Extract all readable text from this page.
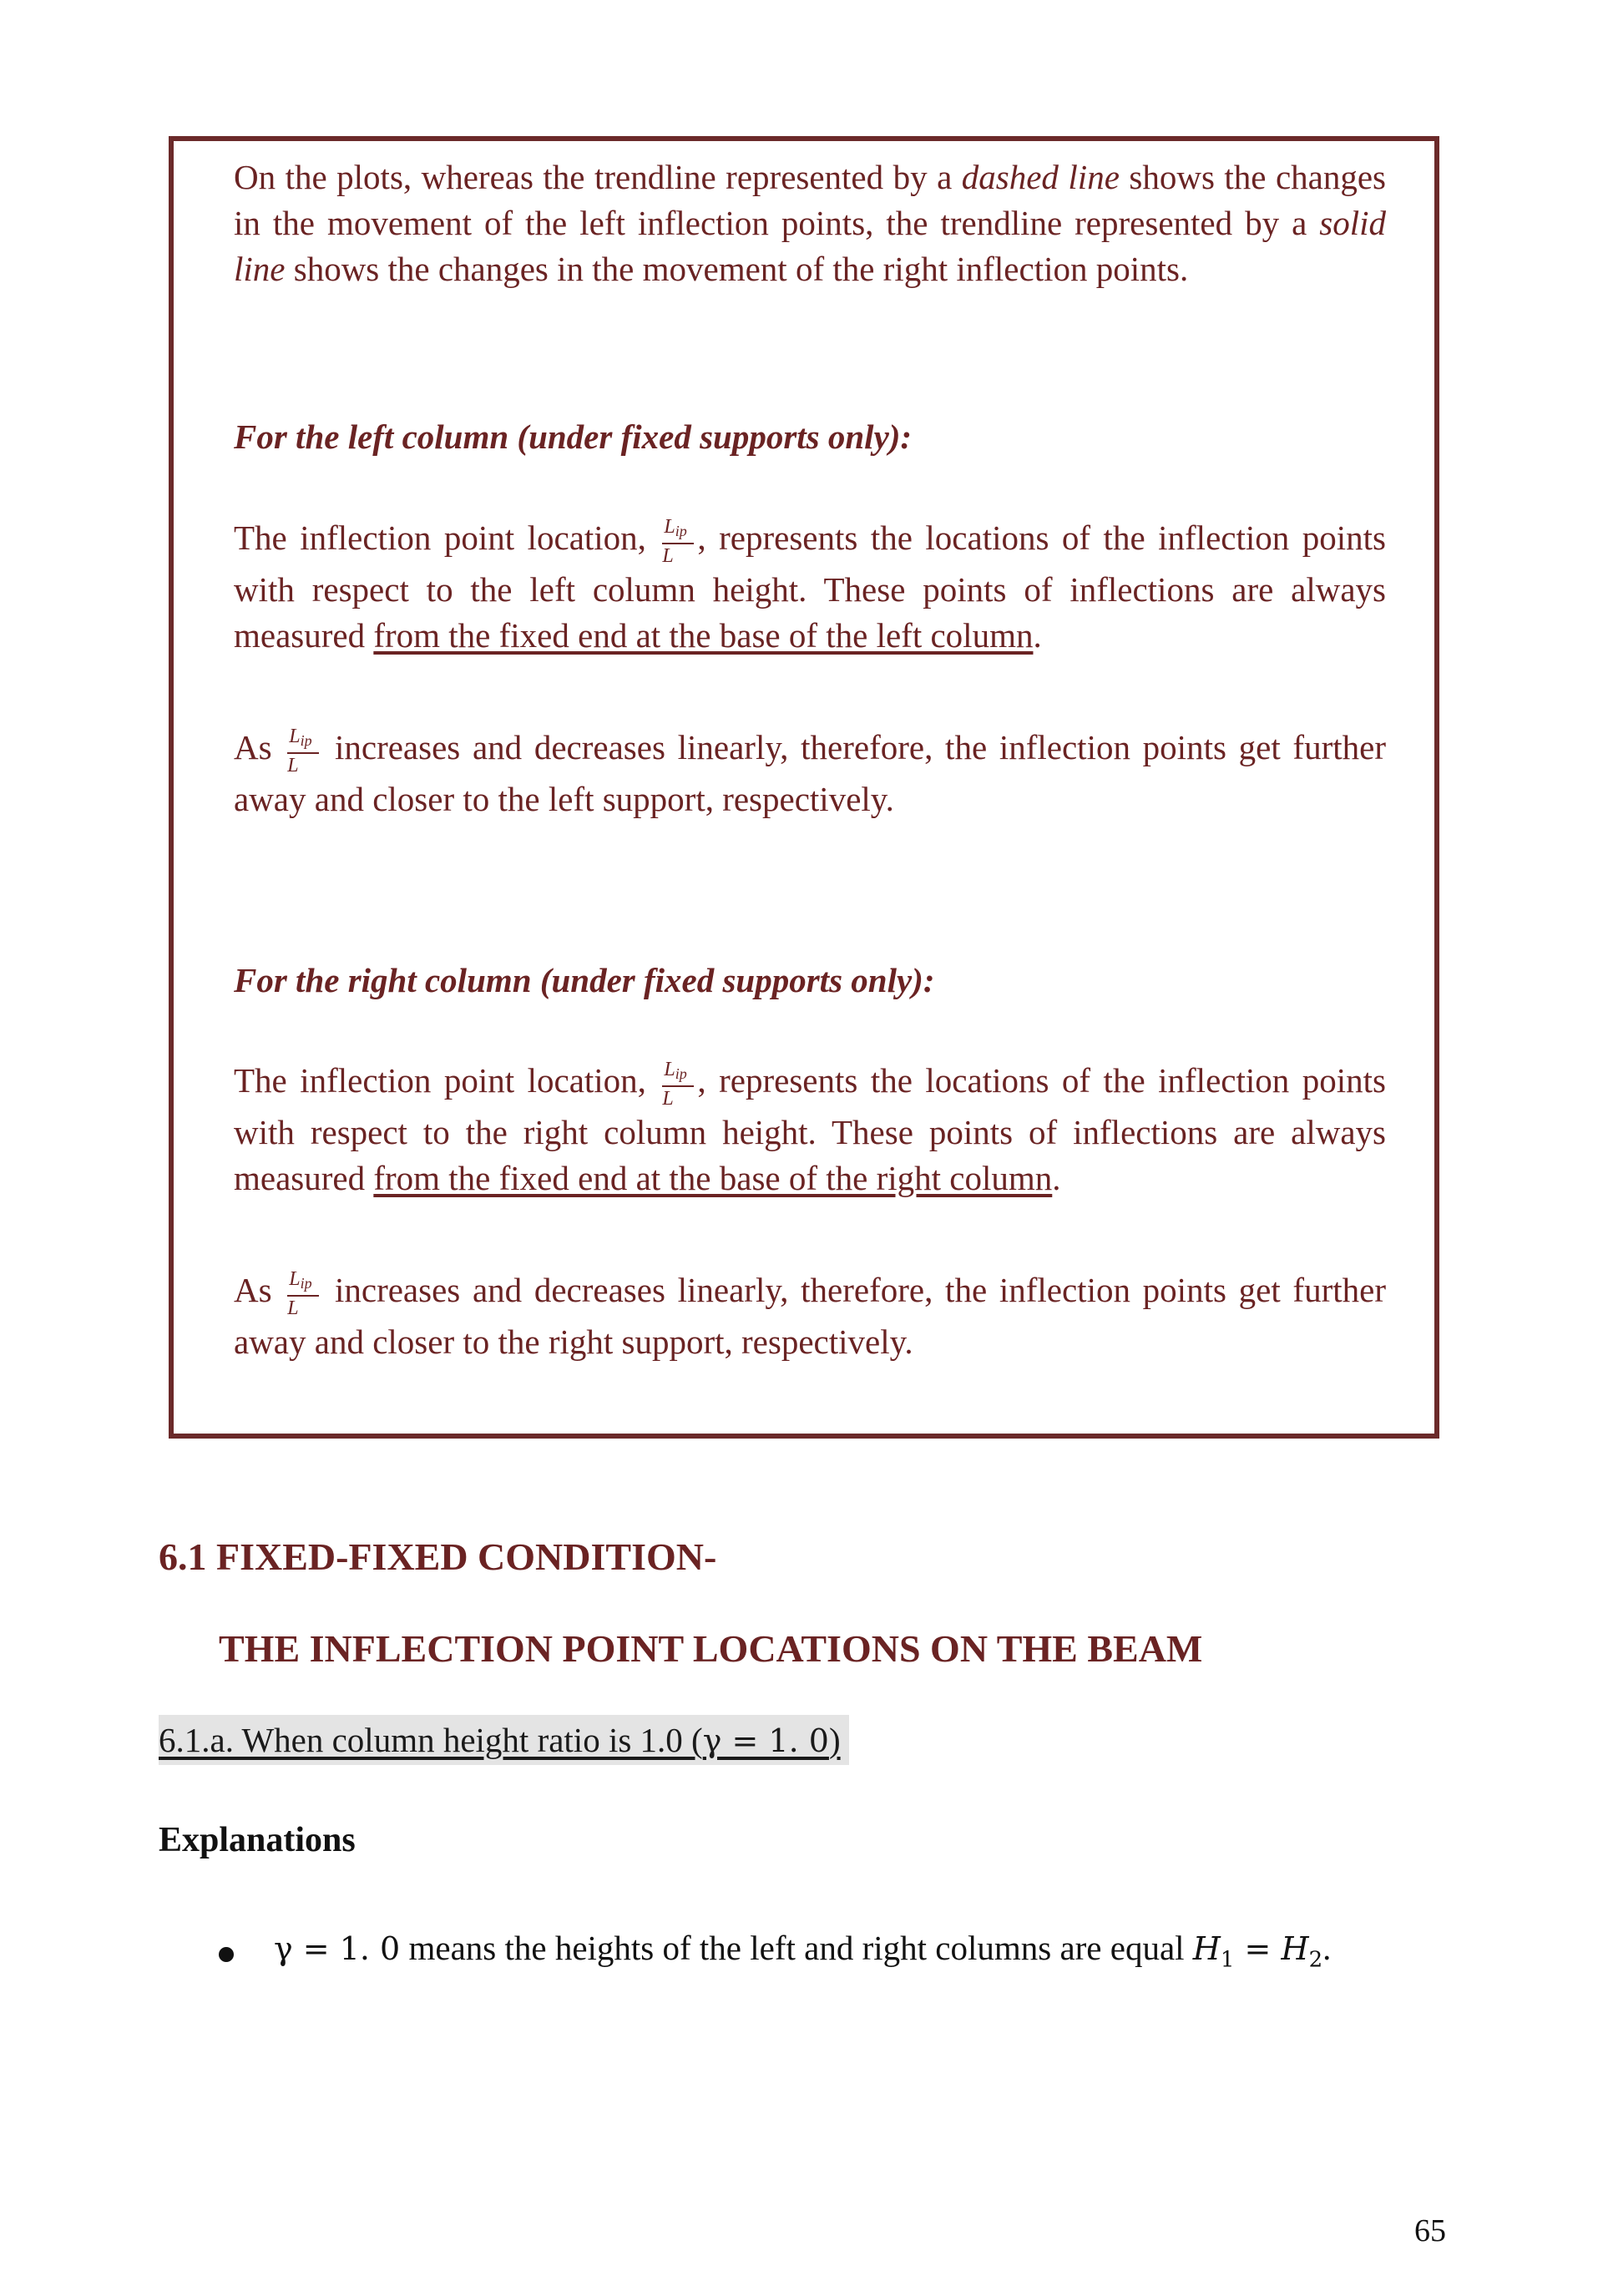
On the plots, whereas the trendline represented by a dashed line shows the changes in the movement of the left inflection points, the trendline represented by a solid line shows the changes in the movement of the right inflection points.

For the left column (under fixed supports only):

The inflection point location, $\frac{L_{ip}}{L}$ , represents the locations of the inflection points with respect to the left column height. These points of inflections are always measured from the fixed end at the base of the left column.

As $\frac{L_{ip}}{L}$ increases and decreases linearly, therefore, the inflection points get further away and closer to the left support, respectively.

For the right column (under fixed supports only):

The inflection point location, $\frac{L_{ip}}{L}$ , represents the locations of the inflection points with respect to the right column height. These points of inflections are always measured from the fixed end at the base of the right column.

As $\frac{L_{ip}}{L}$ increases and decreases linearly, therefore, the inflection points get further away and closer to the right support, respectively.

6.1 FIXED-FIXED CONDITION-

THE INFLECTION POINT LOCATIONS ON THE BEAM

6.1.a. When column height ratio is 1.0 (γ = 1. 0)
Explanations
γ = 1. 0 means the heights of the left and right columns are equal $H_1 = H_2$.
65
